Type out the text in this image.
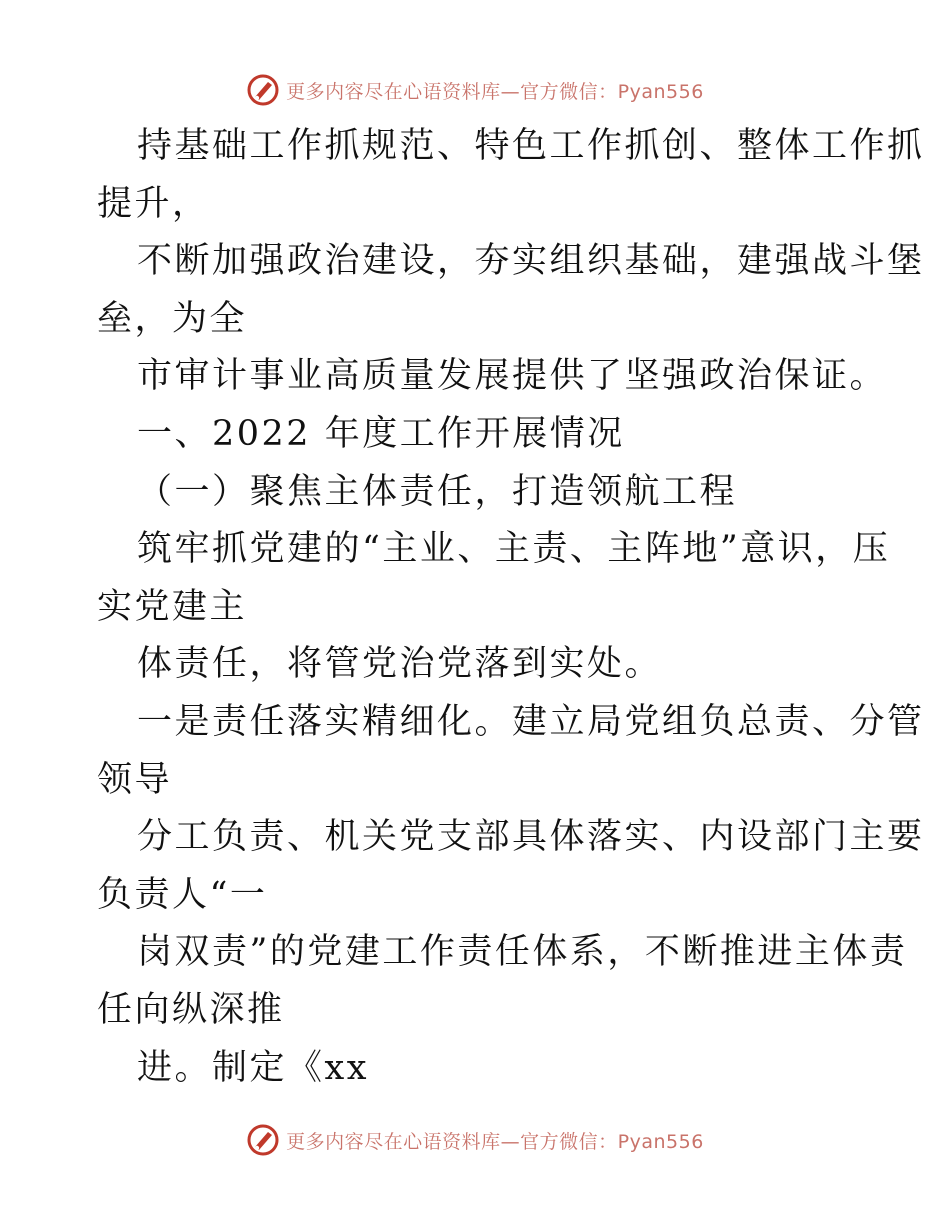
更多内容尽在心语资料库—官方微信：Pyan556
持基础工作抓规范、特色工作抓创、整体工作抓
提升，
不断加强政治建设，夯实组织基础，建强战斗堡
垒，为全
市审计事业高质量发展提供了坚强政治保证。
一、2022 年度工作开展情况
（一）聚焦主体责任，打造领航工程
筑牢抓党建的“主业、主责、主阵地”意识，压
实党建主
体责任，将管党治党落到实处。
一是责任落实精细化。建立局党组负总责、分管
领导
分工负责、机关党支部具体落实、内设部门主要
负责人“一
岗双责”的党建工作责任体系，不断推进主体责
任向纵深推
进。制定《xx
更多内容尽在心语资料库—官方微信：Pyan556
